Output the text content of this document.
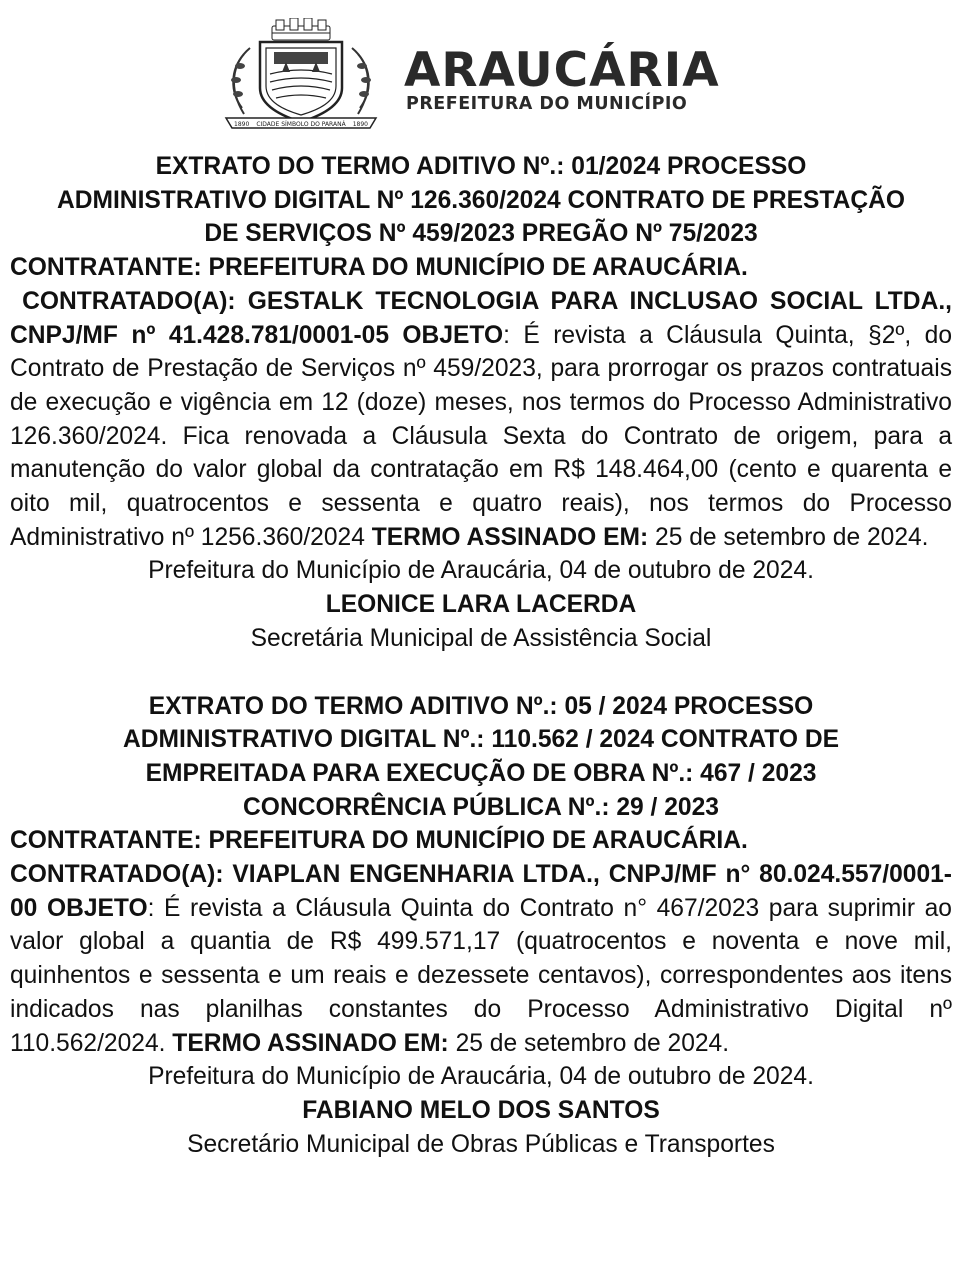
1890 CIDADE SÍMBOLO DO PARANÁ 1890
ARAUCÁRIA
PREFEITURA DO MUNICÍPIO
EXTRATO DO TERMO ADITIVO Nº.: 01/2024 PROCESSO ADMINISTRATIVO DIGITAL Nº 126.360/2024 CONTRATO DE PRESTAÇÃO DE SERVIÇOS Nº 459/2023 PREGÃO Nº 75/2023
CONTRATANTE: PREFEITURA DO MUNICÍPIO DE ARAUCÁRIA.
CONTRATADO(A): GESTALK TECNOLOGIA PARA INCLUSAO SOCIAL LTDA., CNPJ/MF nº 41.428.781/0001-05 OBJETO: É revista a Cláusula Quinta, §2º, do Contrato de Prestação de Serviços nº 459/2023, para prorrogar os prazos contratuais de execução e vigência em 12 (doze) meses, nos termos do Processo Administrativo 126.360/2024. Fica renovada a Cláusula Sexta do Contrato de origem, para a manutenção do valor global da contratação em R$ 148.464,00 (cento e quarenta e oito mil, quatrocentos e sessenta e quatro reais), nos termos do Processo Administrativo nº 1256.360/2024 TERMO ASSINADO EM: 25 de setembro de 2024.
Prefeitura do Município de Araucária, 04 de outubro de 2024.
LEONICE LARA LACERDA
Secretária Municipal de Assistência Social
EXTRATO DO TERMO ADITIVO Nº.: 05 / 2024 PROCESSO ADMINISTRATIVO DIGITAL Nº.: 110.562 / 2024 CONTRATO DE EMPREITADA PARA EXECUÇÃO DE OBRA Nº.: 467 / 2023 CONCORRÊNCIA PÚBLICA Nº.: 29 / 2023
CONTRATANTE: PREFEITURA DO MUNICÍPIO DE ARAUCÁRIA.
CONTRATADO(A): VIAPLAN ENGENHARIA LTDA., CNPJ/MF n° 80.024.557/0001-00 OBJETO: É revista a Cláusula Quinta do Contrato n° 467/2023 para suprimir ao valor global a quantia de R$ 499.571,17 (quatrocentos e noventa e nove mil, quinhentos e sessenta e um reais e dezessete centavos), correspondentes aos itens indicados nas planilhas constantes do Processo Administrativo Digital nº 110.562/2024. TERMO ASSINADO EM: 25 de setembro de 2024.
Prefeitura do Município de Araucária, 04 de outubro de 2024.
FABIANO MELO DOS SANTOS
Secretário Municipal de Obras Públicas e Transportes
